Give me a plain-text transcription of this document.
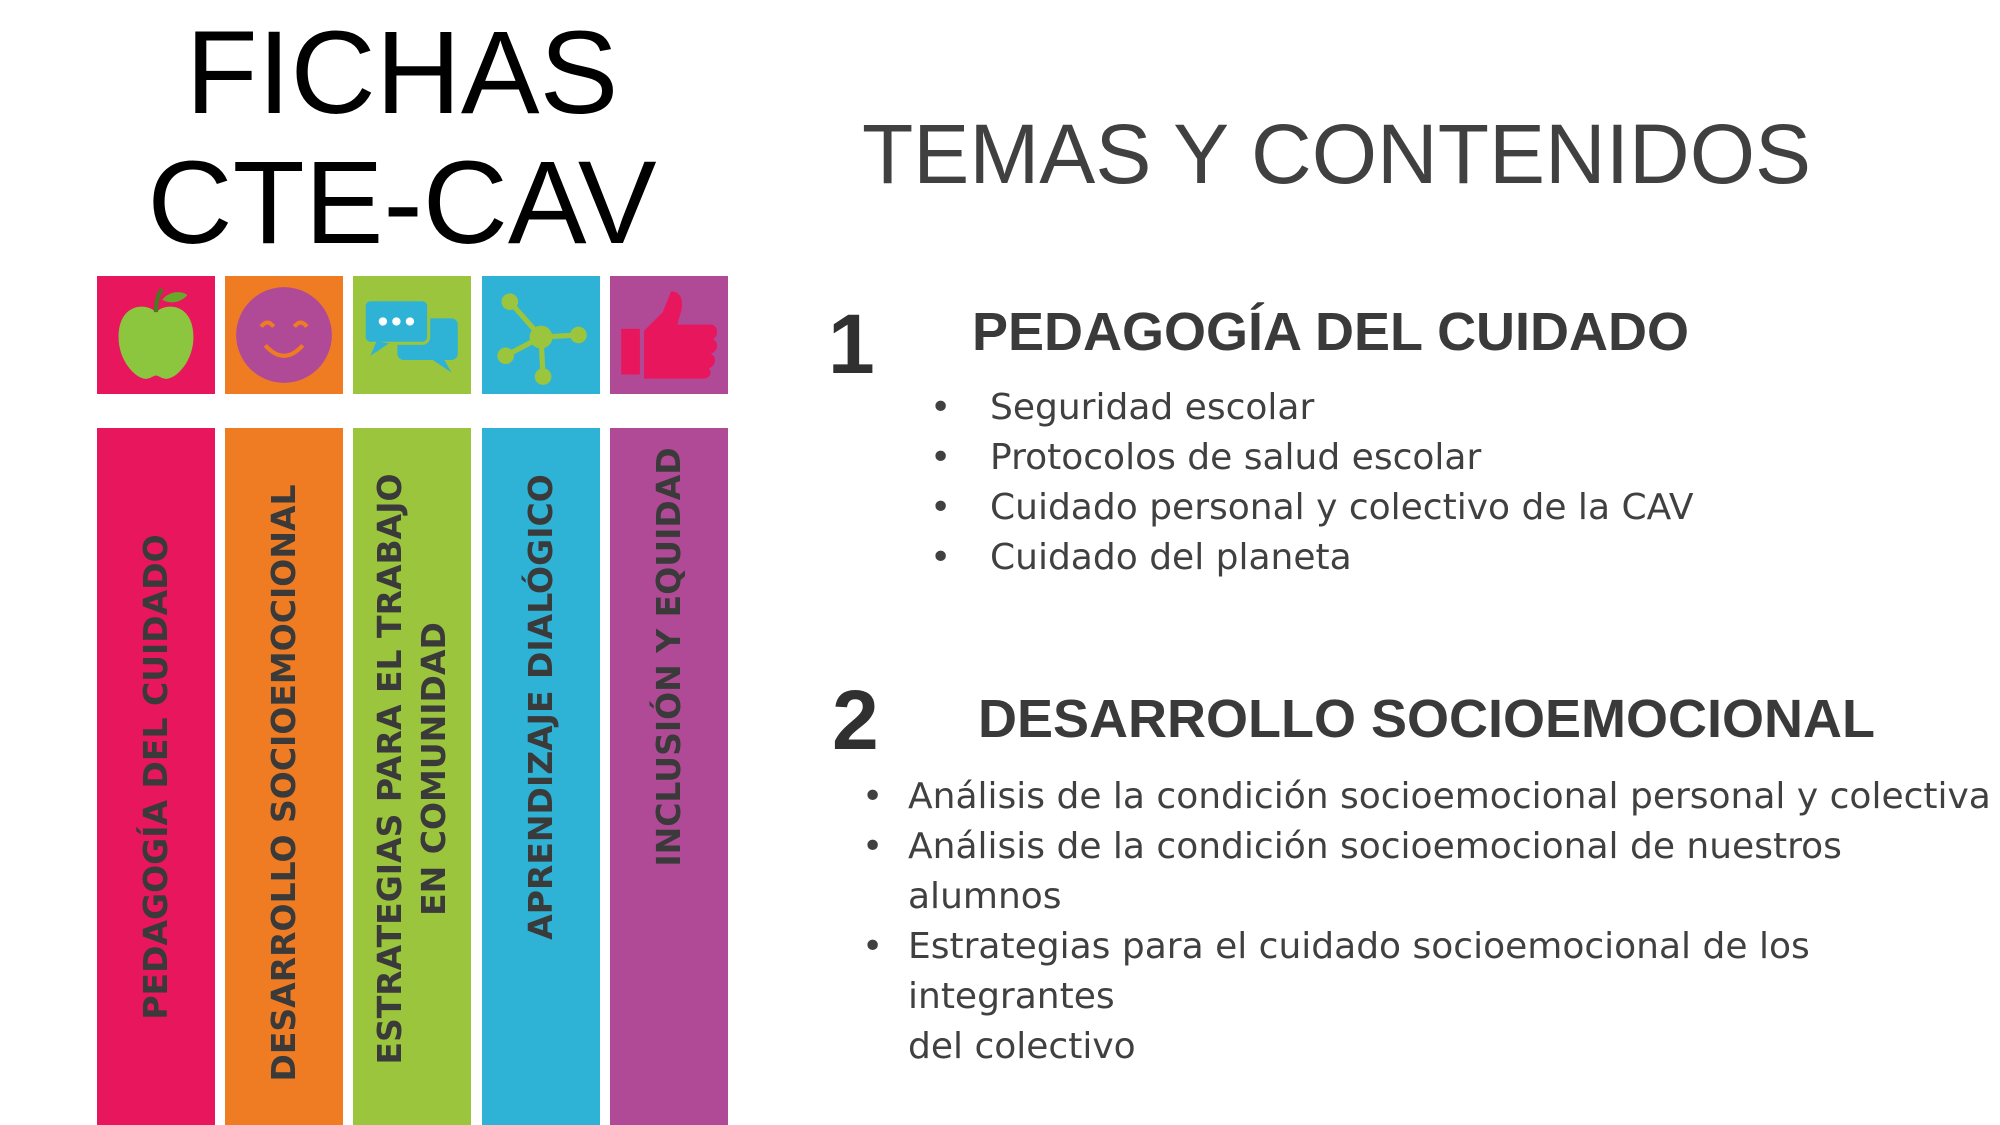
FICHAS
CTE-CAV
PEDAGOGÍA DEL CUIDADO	DESARROLLO SOCIOEMOCIONAL ESTRATEGIAS PARA EL TRABAJO EN COMUNIDAD APRENDIZAJE DIALÓGICO	INCLUSIÓN Y EQUIDAD
TEMAS Y CONTENIDOS
1 PEDAGOGÍA DEL CUIDADO
• Seguridad escolar
• Protocolos de salud escolar
• Cuidado personal y colectivo de la CAV
• Cuidado del planeta
2 DESARROLLO SOCIOEMOCIONAL
• Análisis de la condición socioemocional personal y colectiva
• Análisis de la condición socioemocional de nuestros alumnos
• Estrategias para el cuidado socioemocional de los integrantes
del colectivo
